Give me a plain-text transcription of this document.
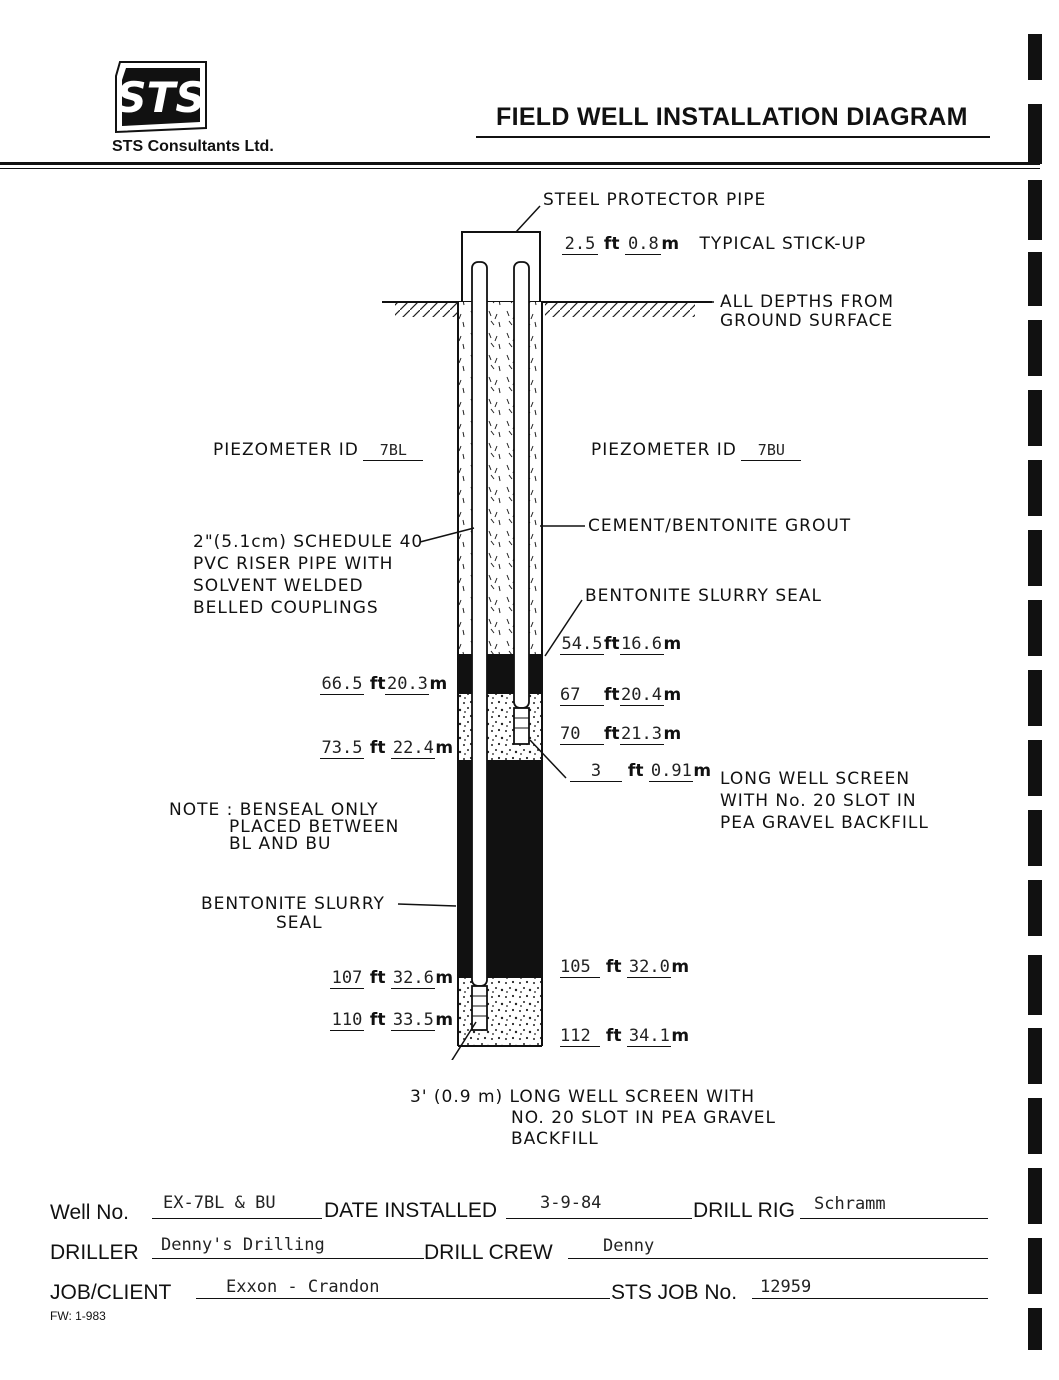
STS
STS Consultants Ltd.
FIELD WELL INSTALLATION DIAGRAM
STEEL PROTECTOR PIPE
2.5 ft 0.8 m TYPICAL STICK-UP
ALL DEPTHS FROM
GROUND SURFACE
PIEZOMETER ID 7BL	PIEZOMETER ID 7BU
2"(5.1cm) SCHEDULE 40
PVC RISER PIPE WITH
SOLVENT WELDED
BELLED COUPLINGS
CEMENT/BENTONITE GROUT
BENTONITE SLURRY SEAL
54.5ft16.6m
67 ft20.4m
70 ft21.3m
3 ft 0.91m LONG WELL SCREEN
WITH No. 20 SLOT IN
PEA GRAVEL BACKFILL
66.5 ft20.3m
73.5 ft 22.4m
NOTE : BENSEAL ONLY
PLACED BETWEEN
BL AND BU
BENTONITE SLURRY
SEAL
107 ft 32.6m
110 ft 33.5m
105 ft 32.0m
112 ft 34.1m
3' (0.9 m) LONG WELL SCREEN WITH
NO. 20 SLOT IN PEA GRAVEL
BACKFILL
Well No. EX-7BL & BU DATE INSTALLED	3-9-84	DRILL RIG Schramm
DRILLER Denny's Drilling	DRILL CREW	Denny
JOB/CLIENT	Exxon - Crandon	STS JOB No. 12959
FW: 1-983
